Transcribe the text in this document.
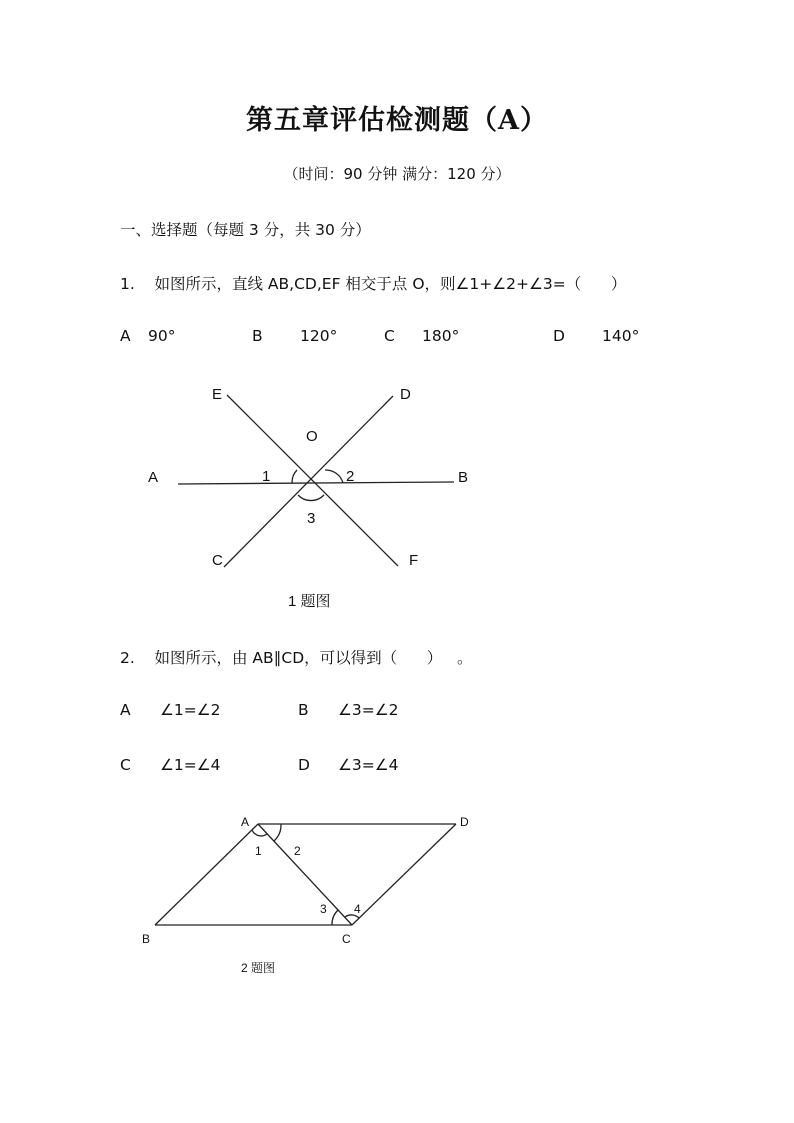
第五章评估检测题（A）
（时间：90 分钟 满分：120 分）
一、选择题（每题 3 分，共 30 分）
1.    如图所示，直线 AB,CD,EF 相交于点 O，则∠1+∠2+∠3=（      ）
A 90°	B 120°	C 180°	D 140°
E	D
O
A	B
C	F
1	2
3
1 题图
2.    如图所示，由 AB∥CD，可以得到（      ）   。
A ∠1=∠2	B ∠3=∠2
C ∠1=∠4	D ∠3=∠4
A	D
B	C
1	2
3 4
2 题图
